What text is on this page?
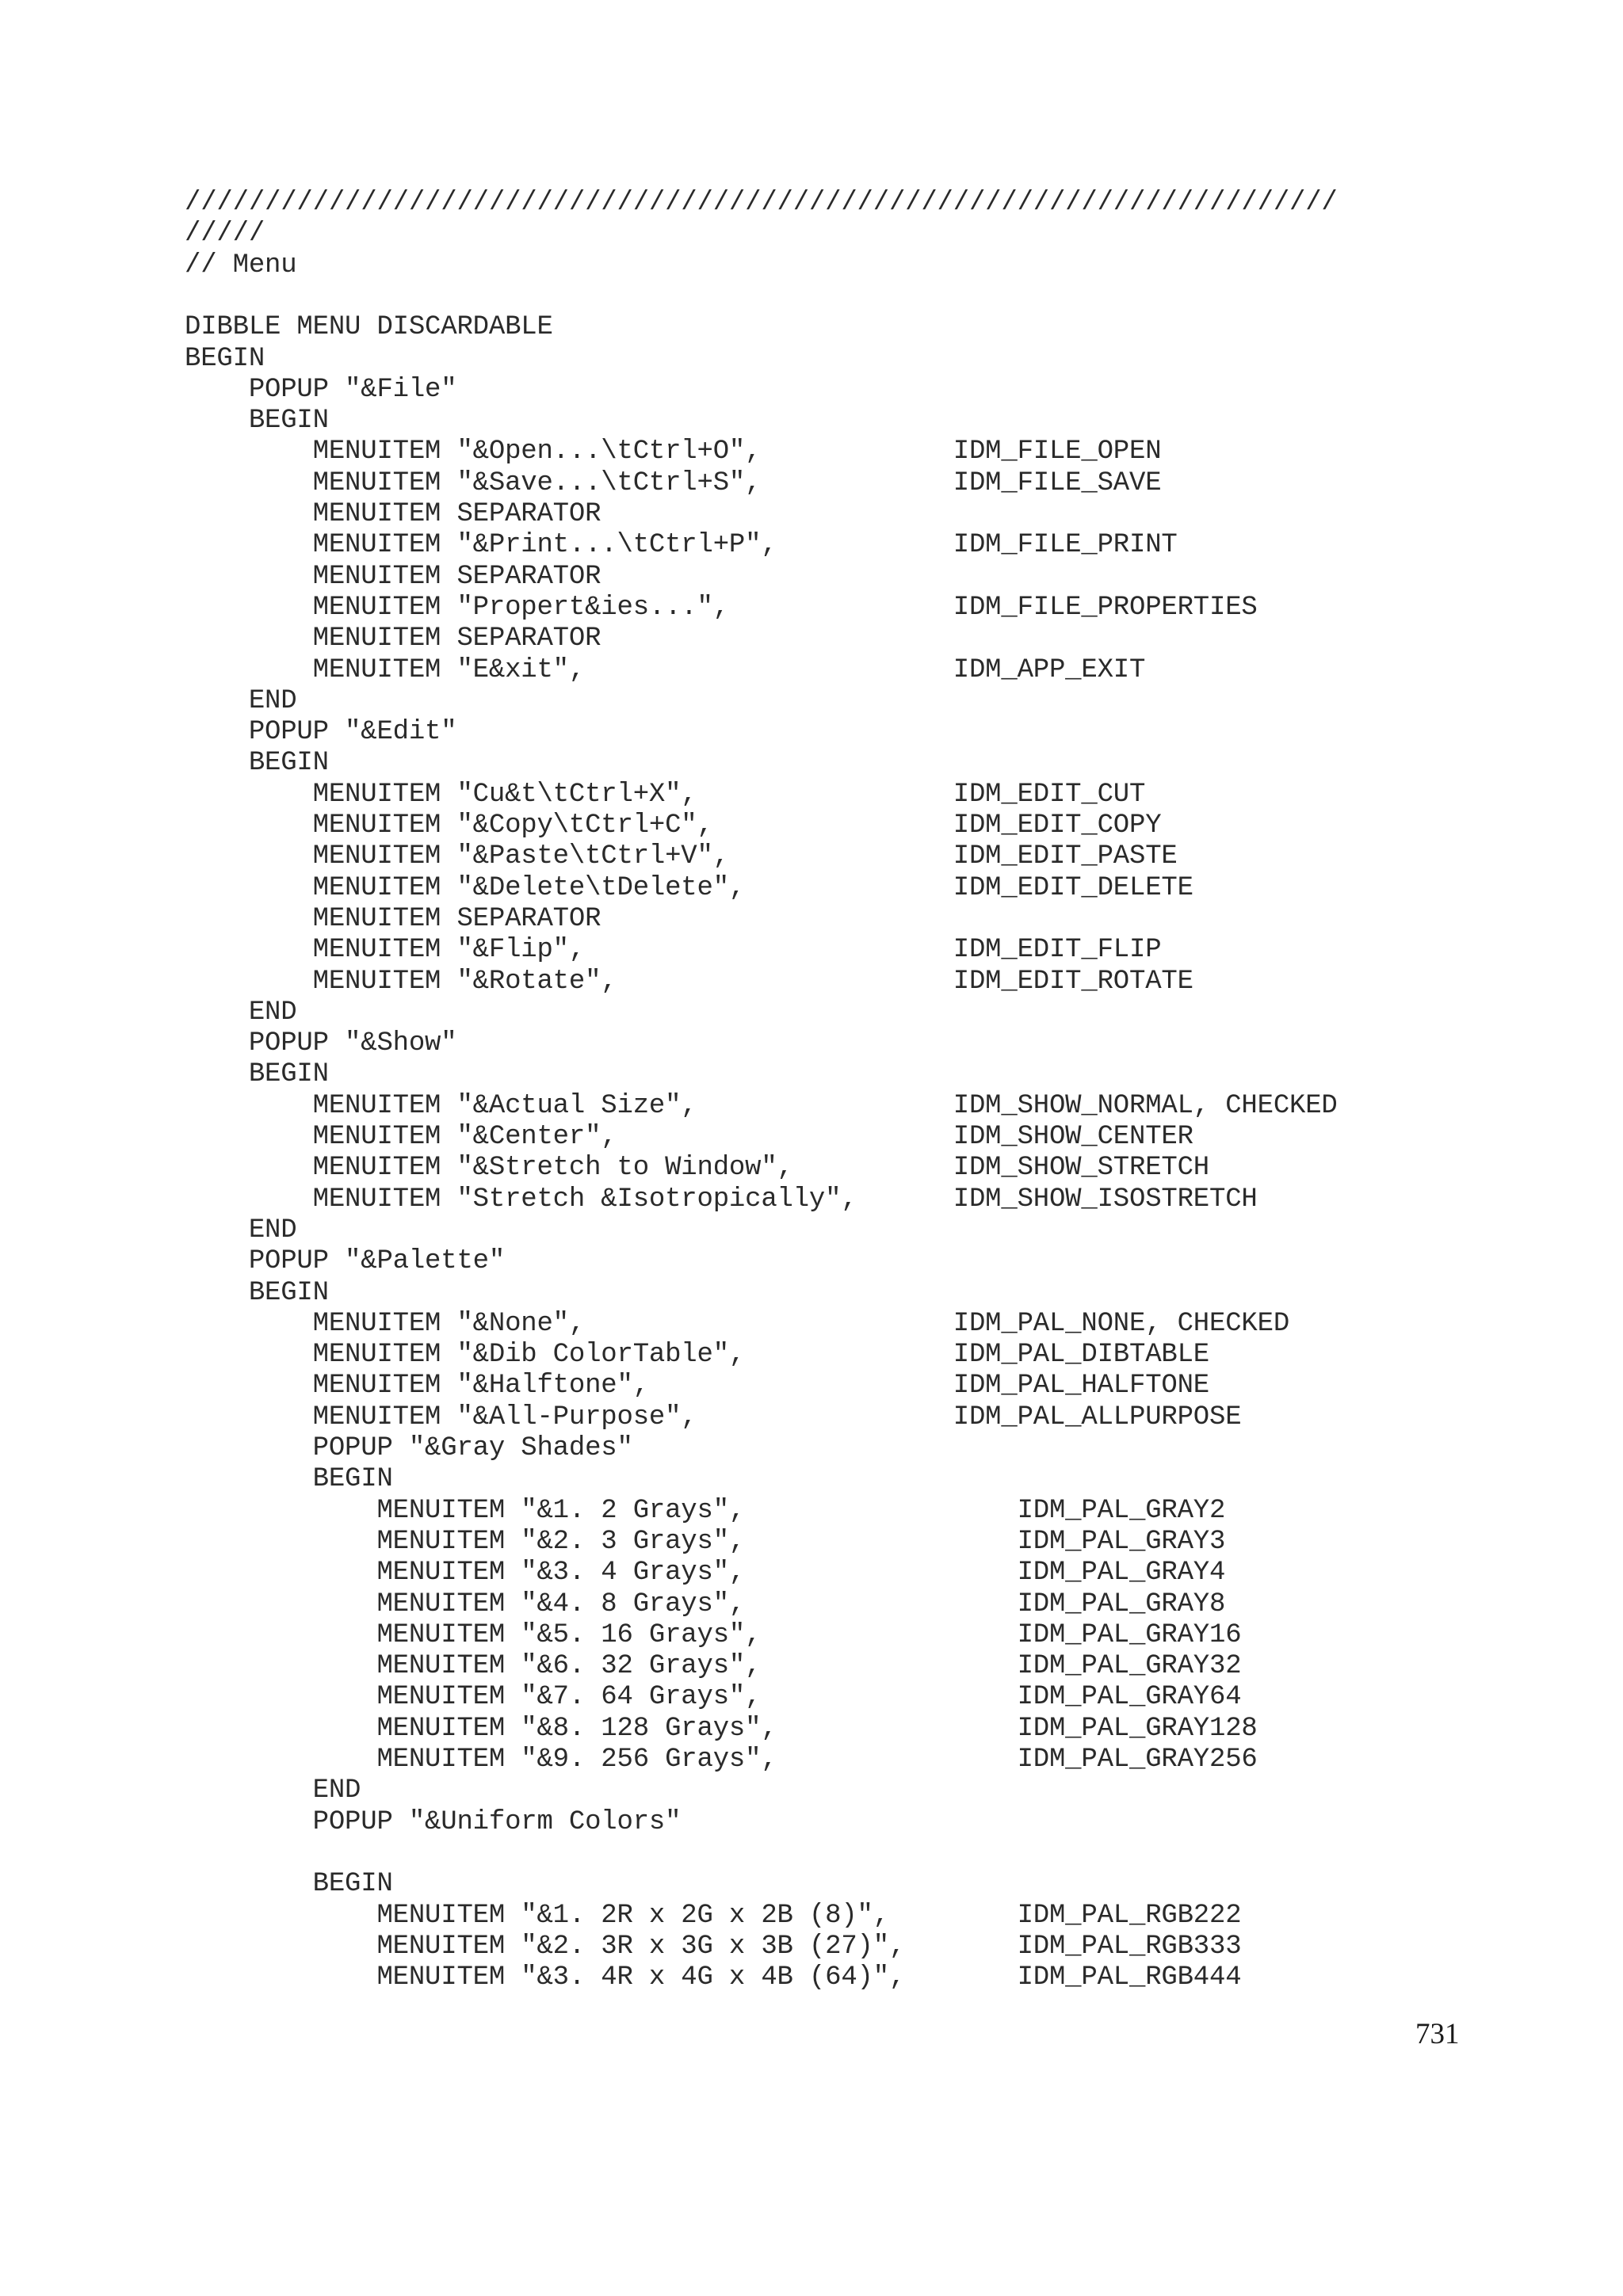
////////////////////////////////////////////////////////////////////////
/////
// Menu
DIBBLE MENU DISCARDABLE
BEGIN
POPUP "&File"
BEGIN
MENUITEM "&Open...\tCtrl+O",            IDM_FILE_OPEN
MENUITEM "&Save...\tCtrl+S",            IDM_FILE_SAVE
MENUITEM SEPARATOR
MENUITEM "&Print...\tCtrl+P",           IDM_FILE_PRINT
MENUITEM SEPARATOR
MENUITEM "Propert&ies...",              IDM_FILE_PROPERTIES
MENUITEM SEPARATOR
MENUITEM "E&xit",                       IDM_APP_EXIT
END
POPUP "&Edit"
BEGIN
MENUITEM "Cu&t\tCtrl+X",                IDM_EDIT_CUT
MENUITEM "&Copy\tCtrl+C",               IDM_EDIT_COPY
MENUITEM "&Paste\tCtrl+V",              IDM_EDIT_PASTE
MENUITEM "&Delete\tDelete",             IDM_EDIT_DELETE
MENUITEM SEPARATOR
MENUITEM "&Flip",                       IDM_EDIT_FLIP
MENUITEM "&Rotate",                     IDM_EDIT_ROTATE
END
POPUP "&Show"
BEGIN
MENUITEM "&Actual Size",                IDM_SHOW_NORMAL, CHECKED
MENUITEM "&Center",                     IDM_SHOW_CENTER
MENUITEM "&Stretch to Window",          IDM_SHOW_STRETCH
MENUITEM "Stretch &Isotropically",      IDM_SHOW_ISOSTRETCH
END
POPUP "&Palette"
BEGIN
MENUITEM "&None",                       IDM_PAL_NONE, CHECKED
MENUITEM "&Dib ColorTable",             IDM_PAL_DIBTABLE
MENUITEM "&Halftone",                   IDM_PAL_HALFTONE
MENUITEM "&All-Purpose",                IDM_PAL_ALLPURPOSE
POPUP "&Gray Shades"
BEGIN
MENUITEM "&1. 2 Grays",                 IDM_PAL_GRAY2
MENUITEM "&2. 3 Grays",                 IDM_PAL_GRAY3
MENUITEM "&3. 4 Grays",                 IDM_PAL_GRAY4
MENUITEM "&4. 8 Grays",                 IDM_PAL_GRAY8
MENUITEM "&5. 16 Grays",                IDM_PAL_GRAY16
MENUITEM "&6. 32 Grays",                IDM_PAL_GRAY32
MENUITEM "&7. 64 Grays",                IDM_PAL_GRAY64
MENUITEM "&8. 128 Grays",               IDM_PAL_GRAY128
MENUITEM "&9. 256 Grays",               IDM_PAL_GRAY256
END
POPUP "&Uniform Colors"
BEGIN
MENUITEM "&1. 2R x 2G x 2B (8)",        IDM_PAL_RGB222
MENUITEM "&2. 3R x 3G x 3B (27)",       IDM_PAL_RGB333
MENUITEM "&3. 4R x 4G x 4B (64)",       IDM_PAL_RGB444
731
